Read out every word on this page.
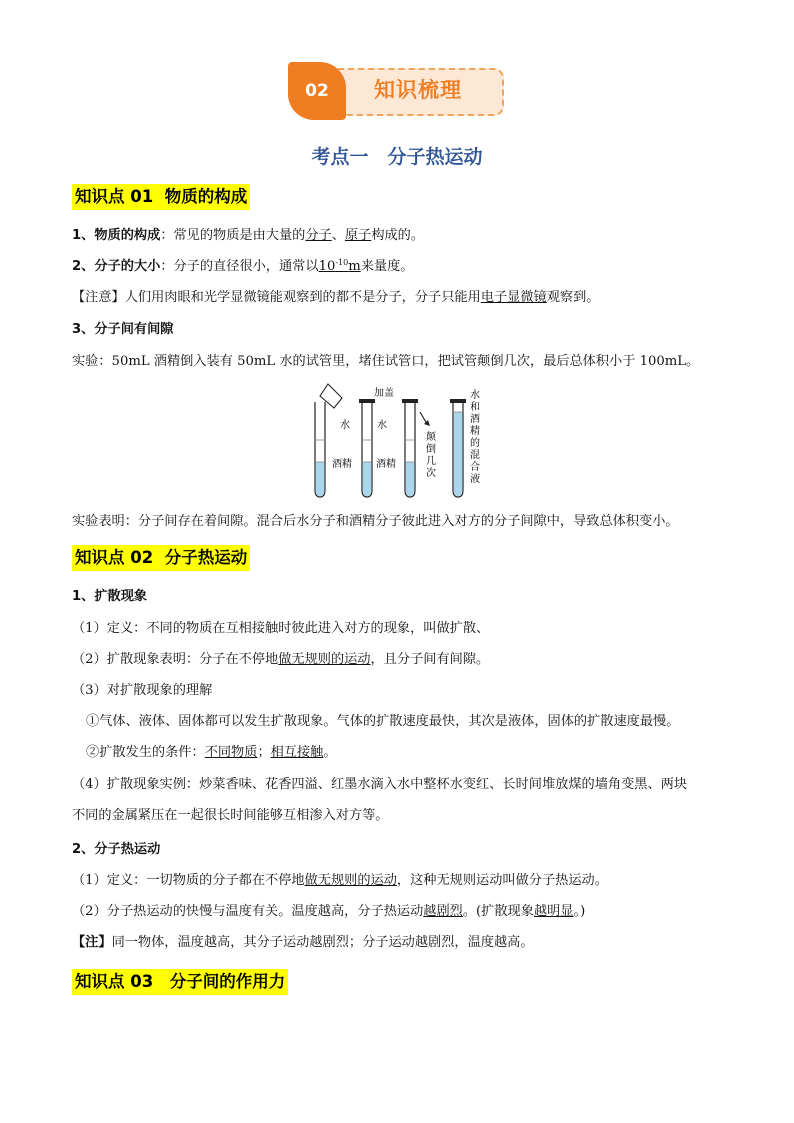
02	知识梳理
考点一　分子热运动
知识点 01  物质的构成
1、物质的构成：常见的物质是由大量的分子、原子构成的。
2、分子的大小：分子的直径很小，通常以$10^{-10}m$来量度。
【注意】人们用肉眼和光学显微镜能观察到的都不是分子，分子只能用电子显微镜观察到。
3、分子间有间隙
实验：50mL 酒精倒入装有 50mL 水的试管里，堵住试管口，把试管颠倒几次，最后总体积小于 100mL。
水
酒精
加盖
水
酒精
颠
倒
几
次
水
和
酒
精
的
混
合
液
实验表明：分子间存在着间隙。混合后水分子和酒精分子彼此进入对方的分子间隙中，导致总体积变小。
知识点 02  分子热运动
1、扩散现象
（1）定义：不同的物质在互相接触时彼此进入对方的现象，叫做扩散、
（2）扩散现象表明：分子在不停地做无规则的运动，且分子间有间隙。
（3）对扩散现象的理解
①气体、液体、固体都可以发生扩散现象。气体的扩散速度最快，其次是液体，固体的扩散速度最慢。
②扩散发生的条件：不同物质；相互接触。
（4）扩散现象实例：炒菜香味、花香四溢、红墨水滴入水中整杯水变红、长时间堆放煤的墙角变黑、两块
不同的金属紧压在一起很长时间能够互相渗入对方等。
2、分子热运动
（1）定义：一切物质的分子都在不停地做无规则的运动，这种无规则运动叫做分子热运动。
（2）分子热运动的快慢与温度有关。温度越高，分子热运动越剧烈。(扩散现象越明显。)
【注】同一物体，温度越高，其分子运动越剧烈；分子运动越剧烈，温度越高。
知识点 03　分子间的作用力
